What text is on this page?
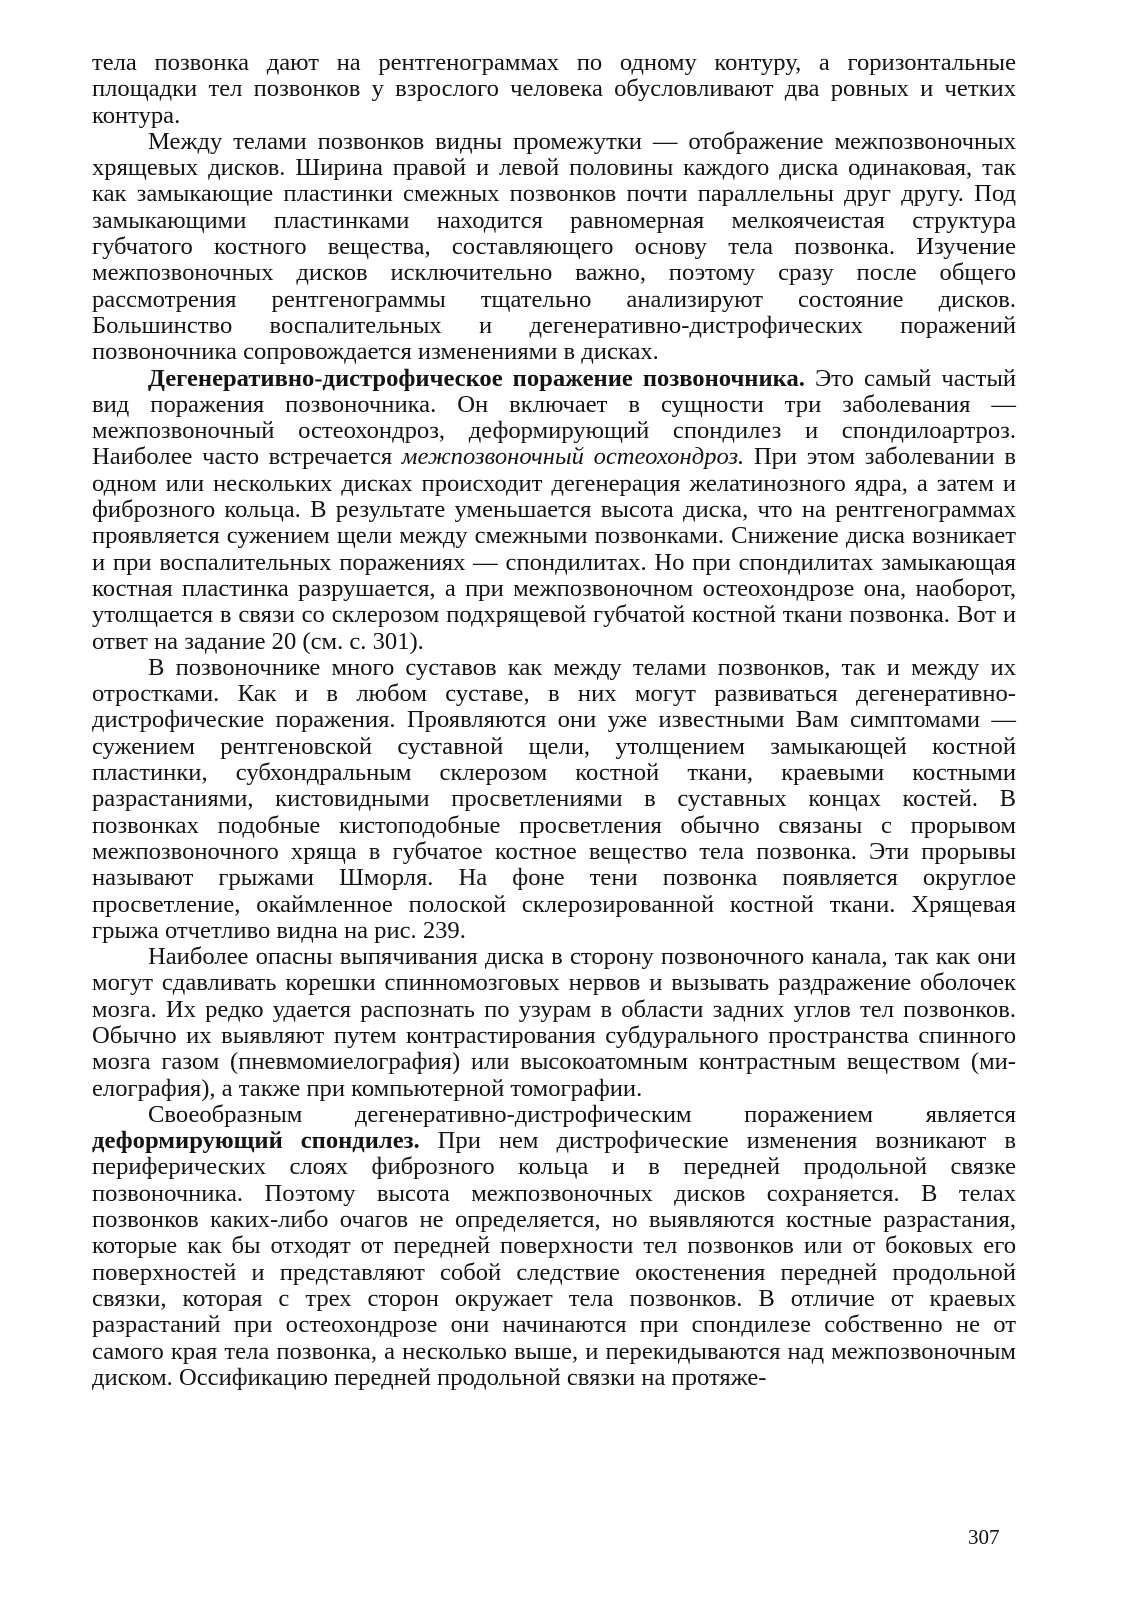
тела позвонка дают на рентгенограммах по одному контуру, а горизонтальные площадки тел позвонков у взрослого человека обусловливают два ровных и четких контура.

Между телами позвонков видны промежутки — отображение межпозвоночных хрящевых дисков. Ширина правой и левой половины каждого диска одинаковая, так как замыкающие пластинки смежных позвонков почти параллельны друг другу. Под замыкающими пластинками находится равномерная мелкоячеистая структура губчатого костного вещества, составляющего основу тела позвонка. Изучение межпозвоночных дисков исключительно важно, поэтому сразу после общего рассмотрения рентгенограммы тщательно анализируют состояние дисков. Большинство воспалительных и дегенеративно-дистрофических поражений позвоночника сопровождается изменениями в дисках.

Дегенеративно-дистрофическое поражение позвоночника. Это самый частый вид поражения позвоночника. Он включает в сущности три заболевания — межпозвоночный остеохондроз, деформирующий спондилез и спондилоартроз. Наиболее часто встречается межпозвоночный остеохондроз. При этом заболевании в одном или нескольких дисках происходит дегенерация желатинозного ядра, а затем и фиброзного кольца. В результате уменьшается высота диска, что на рентгенограммах проявляется сужением щели между смежными позвонками. Снижение диска возникает и при воспалительных поражениях — спондилитах. Но при спондилитах замыкающая костная пластинка разрушается, а при межпозвоночном остеохондрозе она, наоборот, утолщается в связи со склерозом подхрящевой губчатой костной ткани позвонка. Вот и ответ на задание 20 (см. с. 301).

В позвоночнике много суставов как между телами позвонков, так и между их отростками. Как и в любом суставе, в них могут развиваться дегенеративно-дистрофические поражения. Проявляются они уже известными Вам симптомами — сужением рентгеновской суставной щели, утолщением замыкающей костной пластинки, субхондральным склерозом костной ткани, краевыми костными разрастаниями, кистовидными просветлениями в суставных концах костей. В позвонках подобные кистоподобные просветления обычно связаны с прорывом межпозвоночного хряща в губчатое костное вещество тела позвонка. Эти прорывы называют грыжами Шморля. На фоне тени позвонка появляется округлое просветление, окаймленное полоской склерозированной костной ткани. Хрящевая грыжа отчетливо видна на рис. 239.

Наиболее опасны выпячивания диска в сторону позвоночного канала, так как они могут сдавливать корешки спинномозговых нервов и вызывать раздражение оболочек мозга. Их редко удается распознать по узурам в области задних углов тел позвонков. Обычно их выявляют путем контрастирования субдурального пространства спинного мозга газом (пневмомиелография) или высокоатомным контрастным веществом (миелография), а также при компьютерной томографии.

Своеобразным дегенеративно-дистрофическим поражением является деформирующий спондилез. При нем дистрофические изменения возникают в периферических слоях фиброзного кольца и в передней продольной связке позвоночника. Поэтому высота межпозвоночных дисков сохраняется. В телах позвонков каких-либо очагов не определяется, но выявляются костные разрастания, которые как бы отходят от передней поверхности тел позвонков или от боковых его поверхностей и представляют собой следствие окостенения передней продольной связки, которая с трех сторон окружает тела позвонков. В отличие от краевых разрастаний при остеохондрозе они начинаются при спондилезе собственно не от самого края тела позвонка, а несколько выше, и перекидываются над межпозвоночным диском. Оссификацию передней продольной связки на протяже-

307
